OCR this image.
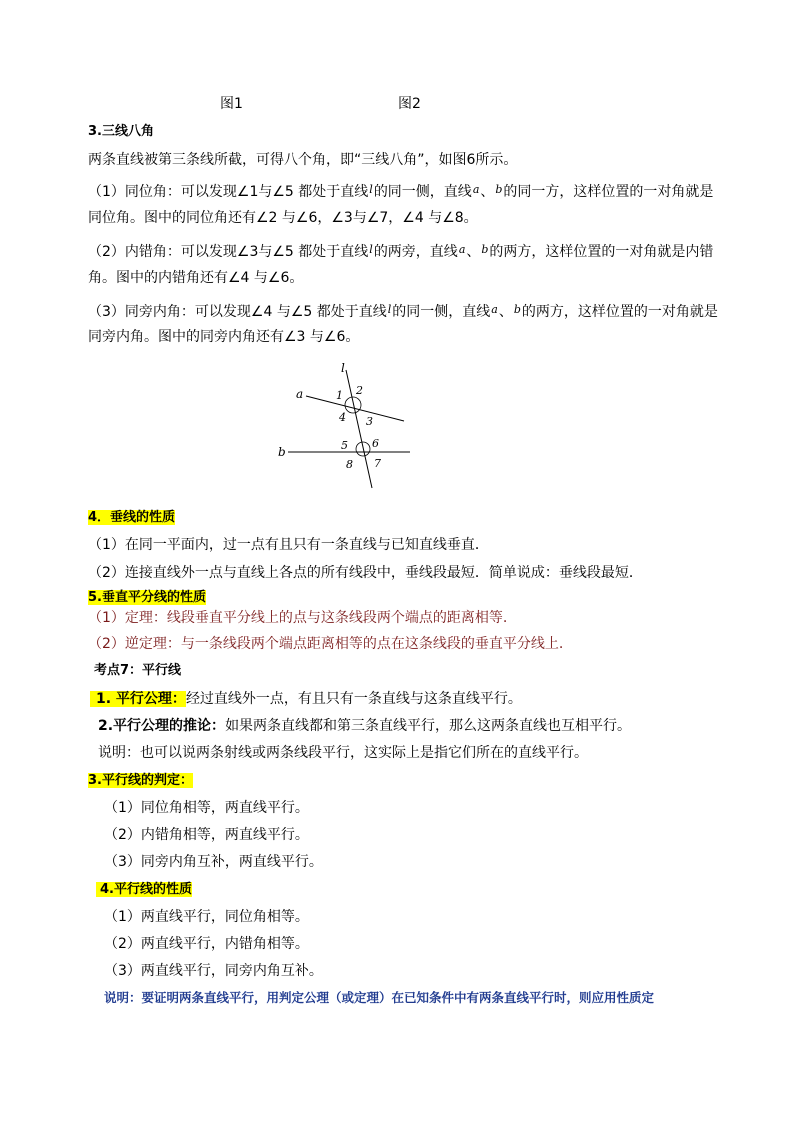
图1	图2
3.三线八角
两条直线被第三条线所截，可得八个角，即“三线八角”，如图6所示。
（1）同位角：可以发现∠1与∠5 都处于直线$^l$的同一侧，直线$^a$、$^b$的同一方，这样位置的一对角就是
同位角。图中的同位角还有∠2 与∠6，∠3与∠7，∠4 与∠8。
（2）内错角：可以发现∠3与∠5 都处于直线$^l$的两旁，直线$^a$、$^b$的两方，这样位置的一对角就是内错
角。图中的内错角还有∠4 与∠6。
（3）同旁内角：可以发现∠4 与∠5 都处于直线$^l$的同一侧，直线$^a$、$^b$的两方，这样位置的一对角就是
同旁内角。图中的同旁内角还有∠3 与∠6。
l
a
b
1 2
3
4
5 6
7
8
4．垂线的性质
（1）在同一平面内，过一点有且只有一条直线与已知直线垂直．
（2）连接直线外一点与直线上各点的所有线段中，垂线段最短．简单说成：垂线段最短．
5.垂直平分线的性质
（1）定理：线段垂直平分线上的点与这条线段两个端点的距离相等.
（2）逆定理：与一条线段两个端点距离相等的点在这条线段的垂直平分线上.
考点7：平行线
1. 平行公理：经过直线外一点，有且只有一条直线与这条直线平行。
2.平行公理的推论：如果两条直线都和第三条直线平行，那么这两条直线也互相平行。
说明：也可以说两条射线或两条线段平行，这实际上是指它们所在的直线平行。
3.平行线的判定：
（1）同位角相等，两直线平行。
（2）内错角相等，两直线平行。
（3）同旁内角互补，两直线平行。
4.平行线的性质
（1）两直线平行，同位角相等。
（2）两直线平行，内错角相等。
（3）两直线平行，同旁内角互补。
说明：要证明两条直线平行，用判定公理（或定理）在已知条件中有两条直线平行时，则应用性质定
